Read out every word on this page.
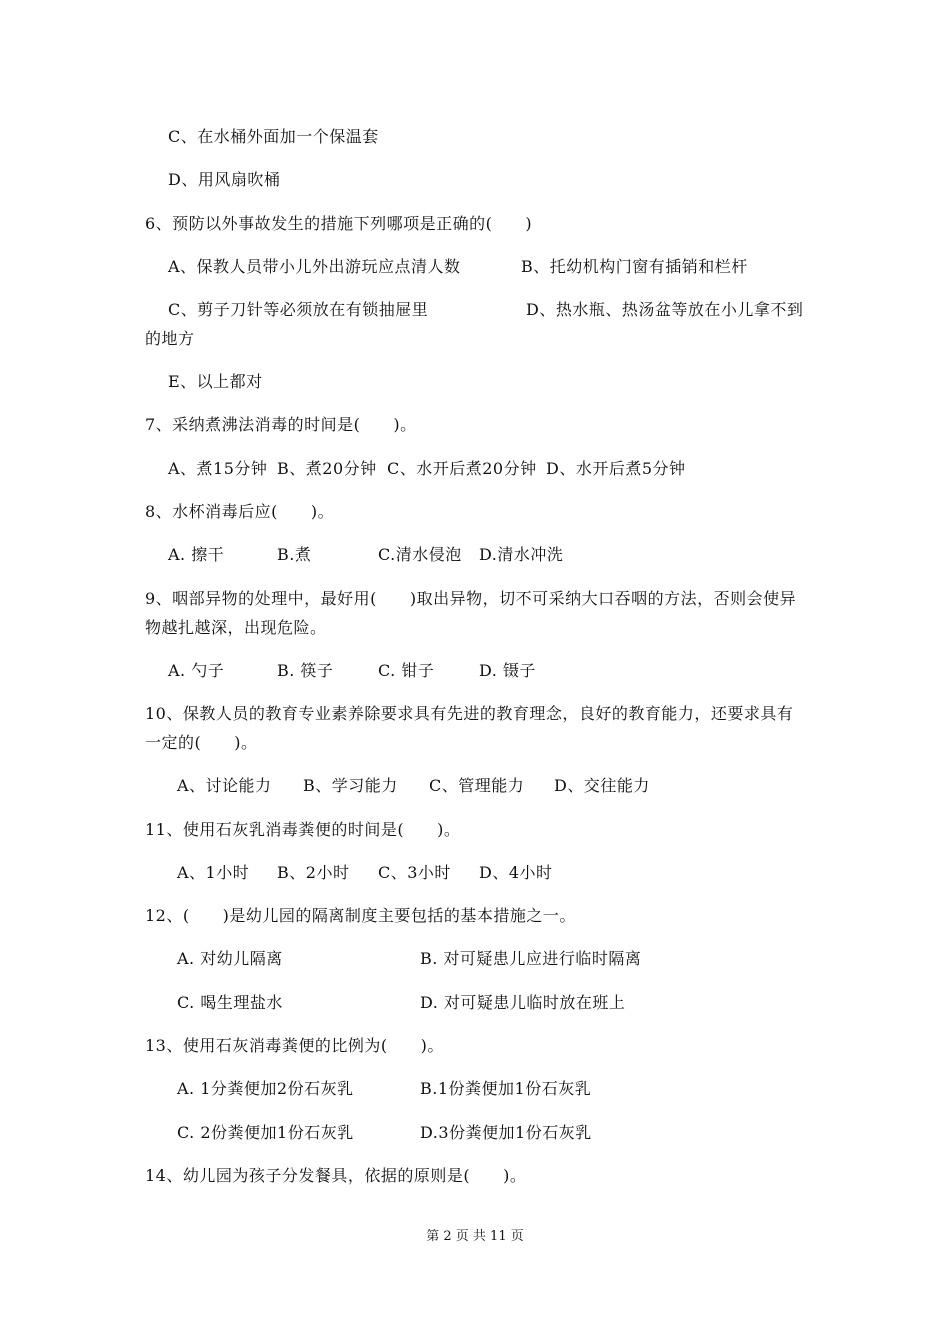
C、在水桶外面加一个保温套
D、用风扇吹桶
6、预防以外事故发生的措施下列哪项是正确的(　　)
A、保教人员带小儿外出游玩应点清人数	B、托幼机构门窗有插销和栏杆
C、剪子刀针等必须放在有锁抽屉里	D、热水瓶、热汤盆等放在小儿拿不到
的地方
E、以上都对
7、采纳煮沸法消毒的时间是(　　)。
A、煮15分钟 B、煮20分钟 C、水开后煮20分钟 D、水开后煮5分钟
8、水杯消毒后应(　　)。
A. 擦干	B.煮	C.清水侵泡 D.清水冲洗
9、咽部异物的处理中，最好用(　　)取出异物，切不可采纳大口吞咽的方法，否则会使异
物越扎越深，出现危险。
A. 勺子	B. 筷子	C. 钳子	D. 镊子
10、保教人员的教育专业素养除要求具有先进的教育理念，良好的教育能力，还要求具有
一定的(　　)。
A、讨论能力 B、学习能力 C、管理能力 D、交往能力
11、使用石灰乳消毒粪便的时间是(　　)。
A、1小时 B、2小时 C、3小时 D、4小时
12、(　　)是幼儿园的隔离制度主要包括的基本措施之一。
A. 对幼儿隔离	B. 对可疑患儿应进行临时隔离
C. 喝生理盐水	D. 对可疑患儿临时放在班上
13、使用石灰消毒粪便的比例为(　　)。
A. 1分粪便加2份石灰乳	B.1份粪便加1份石灰乳
C. 2份粪便加1份石灰乳	D.3份粪便加1份石灰乳
14、幼儿园为孩子分发餐具，依据的原则是(　　)。
第 2 页 共 11 页
